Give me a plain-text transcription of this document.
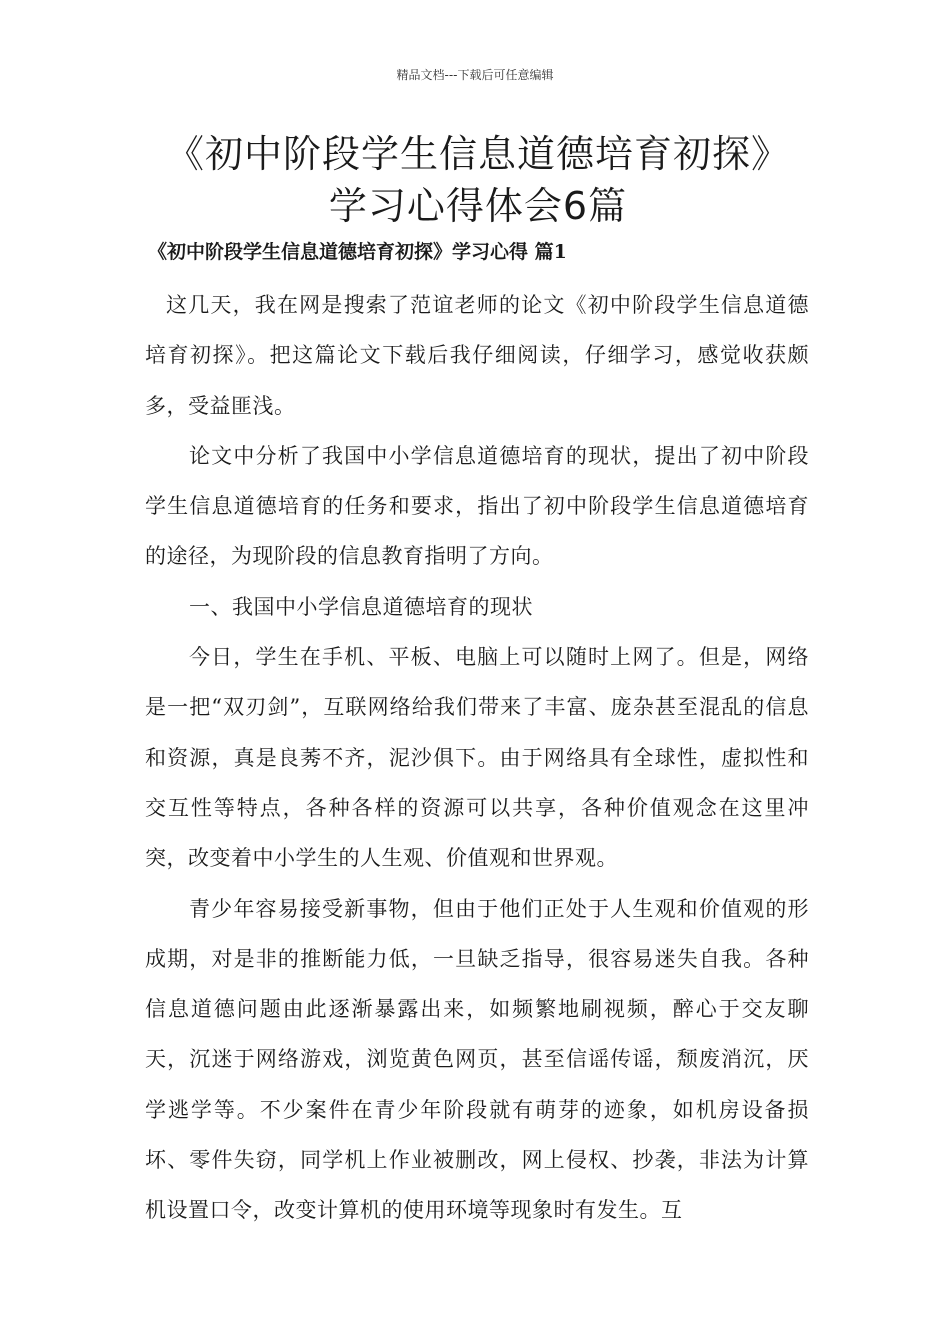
精品文档---下载后可任意编辑
《初中阶段学生信息道德培育初探》学习心得体会6篇
《初中阶段学生信息道德培育初探》学习心得 篇1

这几天，我在网是搜索了范谊老师的论文《初中阶段学生信息道德培育初探》。把这篇论文下载后我仔细阅读，仔细学习，感觉收获颇多，受益匪浅。

论文中分析了我国中小学信息道德培育的现状，提出了初中阶段学生信息道德培育的任务和要求，指出了初中阶段学生信息道德培育的途径，为现阶段的信息教育指明了方向。

一、我国中小学信息道德培育的现状

今日，学生在手机、平板、电脑上可以随时上网了。但是，网络是一把“双刃剑”，互联网络给我们带来了丰富、庞杂甚至混乱的信息和资源，真是良莠不齐，泥沙俱下。由于网络具有全球性，虚拟性和交互性等特点，各种各样的资源可以共享，各种价值观念在这里冲突，改变着中小学生的人生观、价值观和世界观。

青少年容易接受新事物，但由于他们正处于人生观和价值观的形成期，对是非的推断能力低，一旦缺乏指导，很容易迷失自我。各种信息道德问题由此逐渐暴露出来，如频繁地刷视频，醉心于交友聊天，沉迷于网络游戏，浏览黄色网页，甚至信谣传谣，颓废消沉，厌学逃学等。不少案件在青少年阶段就有萌芽的迹象，如机房设备损坏、零件失窃，同学机上作业被删改，网上侵权、抄袭，非法为计算机设置口令，改变计算机的使用环境等现象时有发生。互
